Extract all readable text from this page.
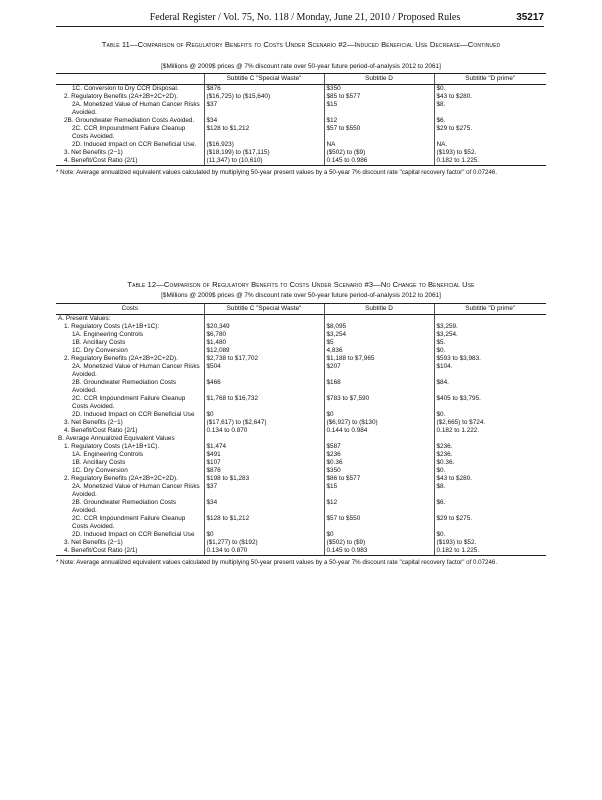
Federal Register / Vol. 75, No. 118 / Monday, June 21, 2010 / Proposed Rules	35217
Table 11—Comparison of Regulatory Benefits to Costs Under Scenario #2—Induced Beneficial Use Decrease—Continued
[$Millions @ 2009$ prices @ 7% discount rate over 50-year future period-of-analysis 2012 to 2061]
	Subtitle C "Special Waste"	Subtitle D	Subtitle "D prime"
1C. Conversion to Dry CCR Disposal.	$876	$350	$0.
2. Regulatory Benefits (2A+2B+2C+2D).	($16,725) to ($15,640)	$85 to $577	$43 to $280.
2A. Monetized Value of Human Cancer Risks Avoided.	$37	$15	$8.
2B. Groundwater Remediation Costs Avoided.	$34	$12	$6.
2C. CCR Impoundment Failure Cleanup Costs Avoided.	$128 to $1,212	$57 to $550	$29 to $275.
2D. Induced Impact on CCR Beneficial Use.	($16,923)	NA	NA.
3. Net Benefits (2−1)	($18,199) to ($17,115)	($502) to ($9)	($193) to $52.
4. Benefit/Cost Ratio (2/1)	(11,347) to (10,610)	0.145 to 0.986	0.182 to 1.225.
* Note: Average annualized equivalent values calculated by multiplying 50-year present values by a 50-year 7% discount rate "capital recovery factor" of 0.07246.
Table 12—Comparison of Regulatory Benefits to Costs Under Scenario #3—No Change to Beneficial Use
[$Millions @ 2009$ prices @ 7% discount rate over 50-year future period-of-analysis 2012 to 2061]
Costs	Subtitle C "Special Waste"	Subtitle D	Subtitle "D prime"
A. Present Values:			
1. Regulatory Costs (1A+1B+1C):	$20,349	$8,095	$3,259.
1A. Engineering Controls	$6,780	$3,254	$3,254.
1B. Ancillary Costs	$1,480	$5	$5.
1C. Dry Conversion	$12,089	4,836	$0.
2. Regulatory Benefits (2A+2B+2C+2D).	$2,738 to $17,702	$1,188 to $7,965	$593 to $3,983.
2A. Monetized Value of Human Cancer Risks Avoided.	$504	$207	$104.
2B. Groundwater Remediation Costs Avoided.	$466	$168	$84.
2C. CCR Impoundment Failure Cleanup Costs Avoided.	$1,768 to $16,732	$783 to $7,590	$405 to $3,795.
2D. Induced Impact on CCR Beneficial Use	$0	$0	$0.
3. Net Benefits (2−1)	($17,617) to ($2,647)	($6,927) to ($130)	($2,665) to $724.
4. Benefit/Cost Ratio (2/1)	0.134 to 0.870	0.144 to 0.984	0.182 to 1.222.
B. Average Annualized Equivalent Values			
1. Regulatory Costs (1A+1B+1C).	$1,474	$587	$236.
1A. Engineering Controls	$491	$236	$236.
1B. Ancillary Costs	$107	$0.36	$0.36.
1C. Dry Conversion	$876	$350	$0.
2. Regulatory Benefits (2A+2B+2C+2D).	$198 to $1,283	$86 to $577	$43 to $280.
2A. Monetized Value of Human Cancer Risks Avoided.	$37	$15	$8.
2B. Groundwater Remediation Costs Avoided.	$34	$12	$6.
2C. CCR Impoundment Failure Cleanup Costs Avoided.	$128 to $1,212	$57 to $550	$29 to $275.
2D. Induced Impact on CCR Beneficial Use	$0	$0	$0.
3. Net Benefits (2−1)	($1,277) to ($192)	($502) to ($9)	($193) to $52.
4. Benefit/Cost Ratio (2/1)	0.134 to 0.870	0.145 to 0.983	0.182 to 1.225.
* Note: Average annualized equivalent values calculated by multiplying 50-year present values by a 50-year 7% discount rate "capital recovery factor" of 0.07246.
